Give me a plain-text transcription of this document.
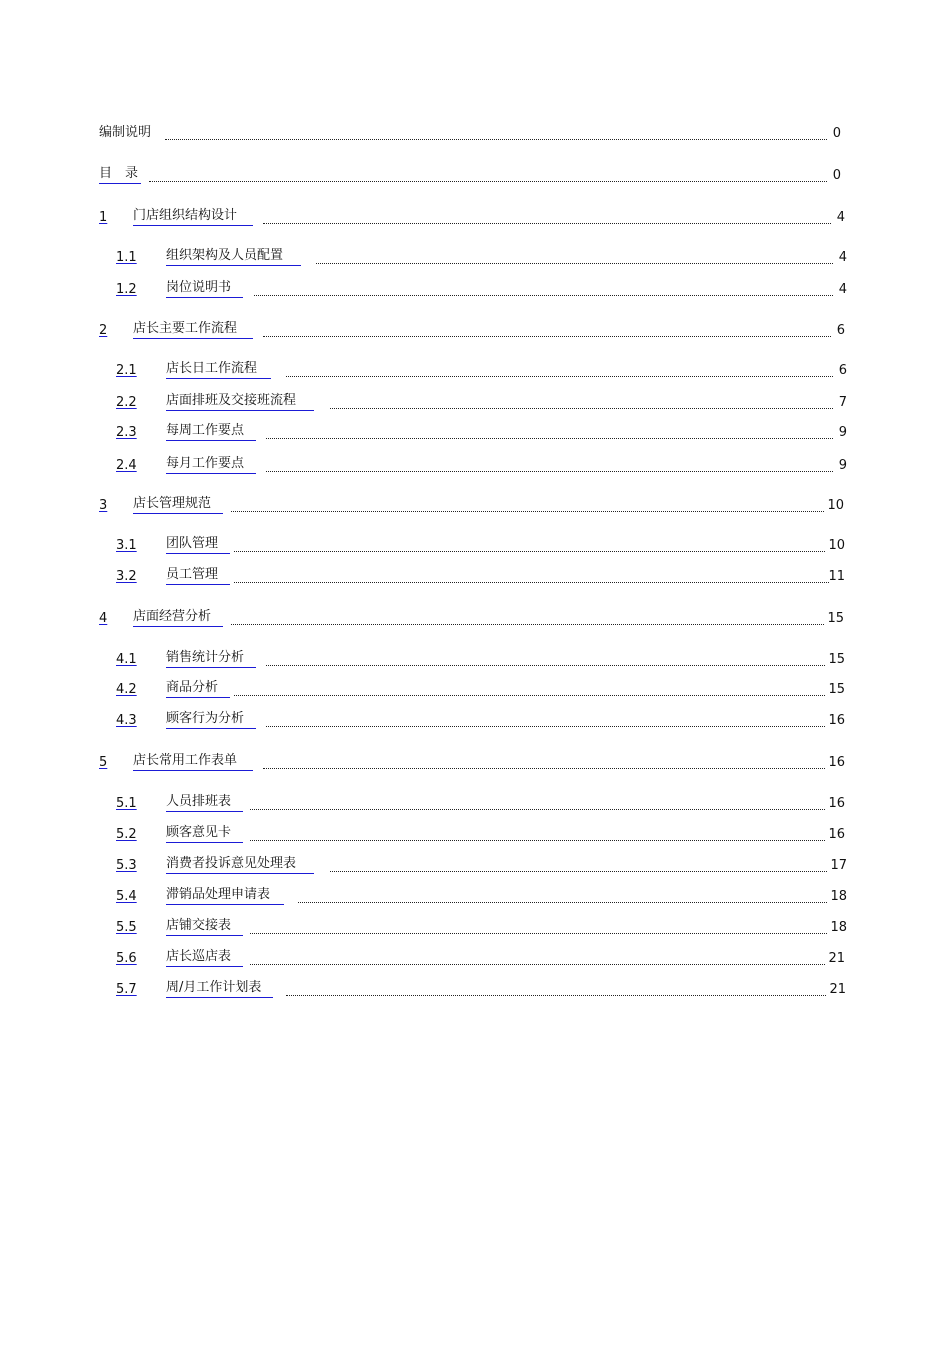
编制说明	0
目　录	0
1 门店组织结构设计	4
1.1 组织架构及人员配置	4
1.2 岗位说明书	4
2 店长主要工作流程	6
2.1 店长日工作流程	6
2.2 店面排班及交接班流程	7
2.3 每周工作要点	9
2.4 每月工作要点	9
3 店长管理规范	10
3.1 团队管理	10
3.2 员工管理	11
4 店面经营分析	15
4.1 销售统计分析	15
4.2 商品分析	15
4.3 顾客行为分析	16
5 店长常用工作表单	16
5.1 人员排班表	16
5.2 顾客意见卡	16
5.3 消费者投诉意见处理表	17
5.4 滞销品处理申请表	18
5.5 店铺交接表	18
5.6 店长巡店表	21
5.7 周/月工作计划表	21
